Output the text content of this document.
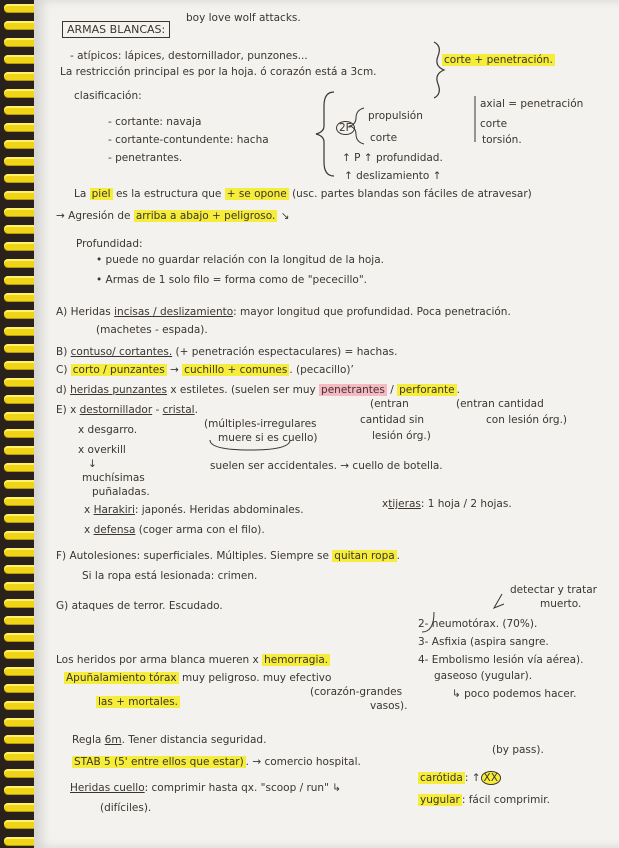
ARMAS BLANCAS:
boy love wolf attacks.
- atípicos: lápices, destornillador, punzones...
La restricción principal es por la hoja. ó corazón está a 3cm.
corte + penetración.
clasificación:
- cortante: navaja
- cortante-contundente: hacha
- penetrantes.
2F
propulsión
corte
↑ P ↑ profundidad.
↑ deslizamiento ↑
axial = penetración
corte
torsión.
La piel es la estructura que + se opone (usc. partes blandas son fáciles de atravesar)
→ Agresión de arriba a abajo + peligroso. ↘
Profundidad:
• puede no guardar relación con la longitud de la hoja.
• Armas de 1 solo filo = forma como de "pececillo".
A) Heridas incisas / deslizamiento: mayor longitud que profundidad. Poca penetración.
(machetes - espada).
B) contuso/ cortantes. (+ penetración espectaculares) = hachas.
C) corto / punzantes → cuchillo + comunes . (pecacillo)’
d) heridas punzantes x estiletes. (suelen ser muy penetrantes / perforante .
(entran
cantidad sin
lesión órg.)
(entran cantidad
con lesión órg.)
E) x destornillador - cristal.
(múltiples-irregulares
muere si es cuello)
suelen ser accidentales. → cuello de botella.
x desgarro.
x overkill
↓
muchísimas
puñaladas.
x Harakiri: japonés. Heridas abdominales.	xtijeras: 1 hoja / 2 hojas.
x defensa (coger arma con el filo).
F) Autolesiones: superficiales. Múltiples. Siempre se quitan ropa .
Si la ropa está lesionada: crimen.
G) ataques de terror. Escudado.
detectar y tratar
muerto.
Los heridos por arma blanca mueren x hemorragia.
2- neumotórax. (70%).
3- Asfixia (aspira sangre.
4- Embolismo lesión vía aérea).
gaseoso (yugular).
↳ poco podemos hacer.
Apuñalamiento tórax muy peligroso. muy efectivo
(corazón-grandes
vasos).
las + mortales.
Regla 6m. Tener distancia seguridad.
STAB 5 (5' entre ellos que estar) . → comercio hospital.
(by pass).
Heridas cuello: comprimir hasta qx. "scoop / run" ↳
(difíciles).
carótida : ↑ XX
yugular : fácil comprimir.
